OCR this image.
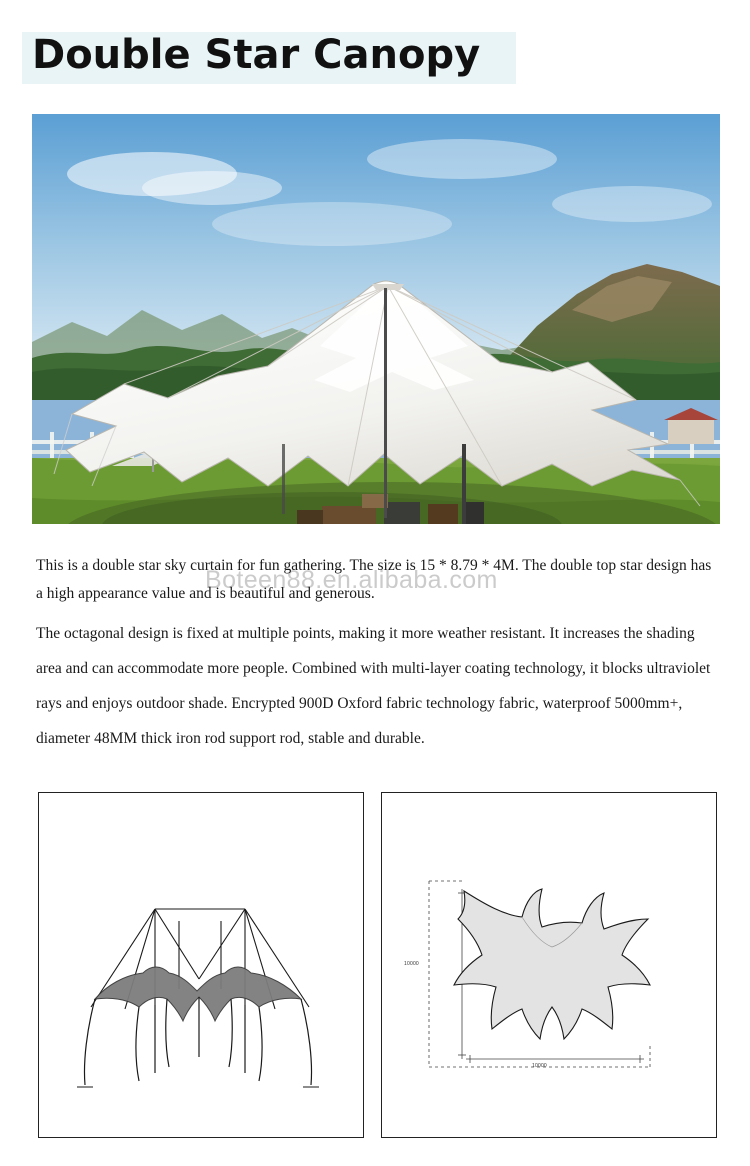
Double Star Canopy
Boteen88.en.alibaba.com

This is a double star sky curtain for fun gathering. The size is 15 * 8.79 * 4M. The double top star design has a high appearance value and is beautiful and generous.

The octagonal design is fixed at multiple points, making it more weather resistant. It increases the shading area and can accommodate more people. Combined with multi-layer coating technology, it blocks ultraviolet rays and enjoys outdoor shade. Encrypted 900D Oxford fabric technology fabric, waterproof 5000mm+, diameter 48MM thick iron rod support rod, stable and durable.

10000
10000
